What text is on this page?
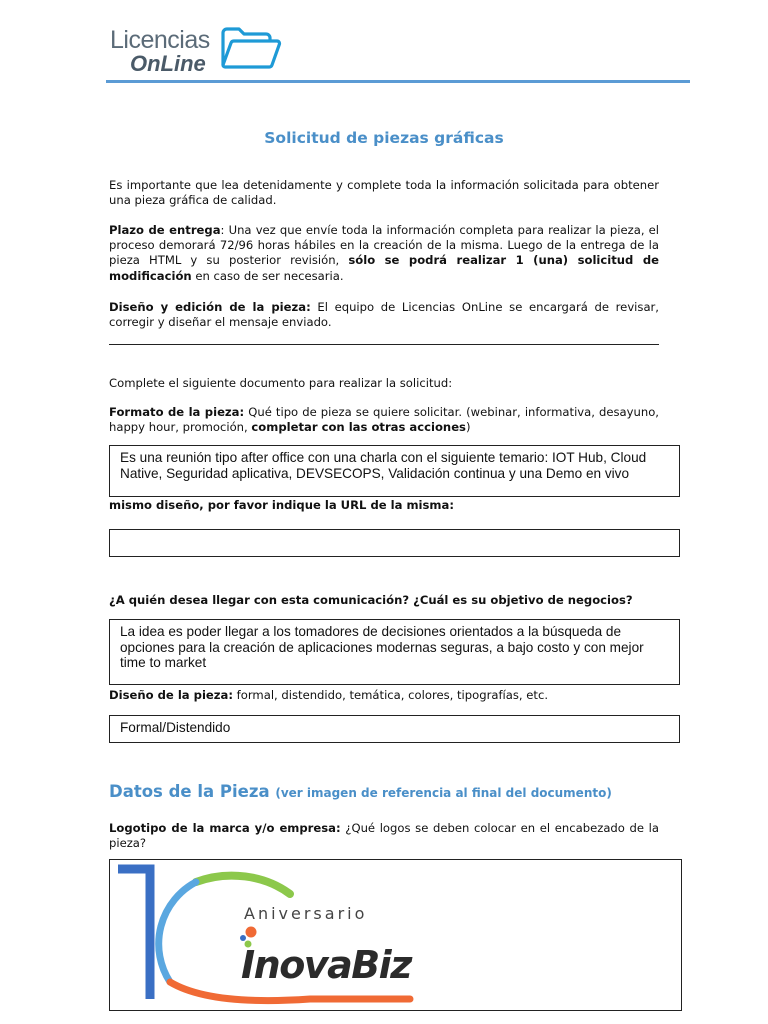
Licencias
OnLine
Solicitud de piezas gráficas
Es importante que lea detenidamente y complete toda la información solicitada para obtener una pieza gráfica de calidad.
Plazo de entrega: Una vez que envíe toda la información completa para realizar la pieza, el proceso demorará 72/96 horas hábiles en la creación de la misma. Luego de la entrega de la pieza HTML y su posterior revisión, sólo se podrá realizar 1 (una) solicitud de modificación en caso de ser necesaria.
Diseño y edición de la pieza: El equipo de Licencias OnLine se encargará de revisar, corregir y diseñar el mensaje enviado.
Complete el siguiente documento para realizar la solicitud:
Formato de la pieza: Qué tipo de pieza se quiere solicitar. (webinar, informativa, desayuno, happy hour, promoción, completar con las otras acciones)
mismo diseño, por favor indique la URL de la misma:
Es una reunión tipo after office con una charla con el siguiente temario: IOT Hub, Cloud Native, Seguridad aplicativa, DEVSECOPS, Validación continua y una Demo en vivo
¿A quién desea llegar con esta comunicación? ¿Cuál es su objetivo de negocios?
La idea es poder llegar a los tomadores de decisiones orientados a la búsqueda de opciones para la creación de aplicaciones modernas seguras, a bajo costo y con mejor time to market
Diseño de la pieza: formal, distendido, temática, colores, tipografías, etc.
Formal/Distendido
Datos de la Pieza (ver imagen de referencia al final del documento)
Logotipo de la marca y/o empresa: ¿Qué logos se deben colocar en el encabezado de la pieza?
Aniversario
InovaBiz
